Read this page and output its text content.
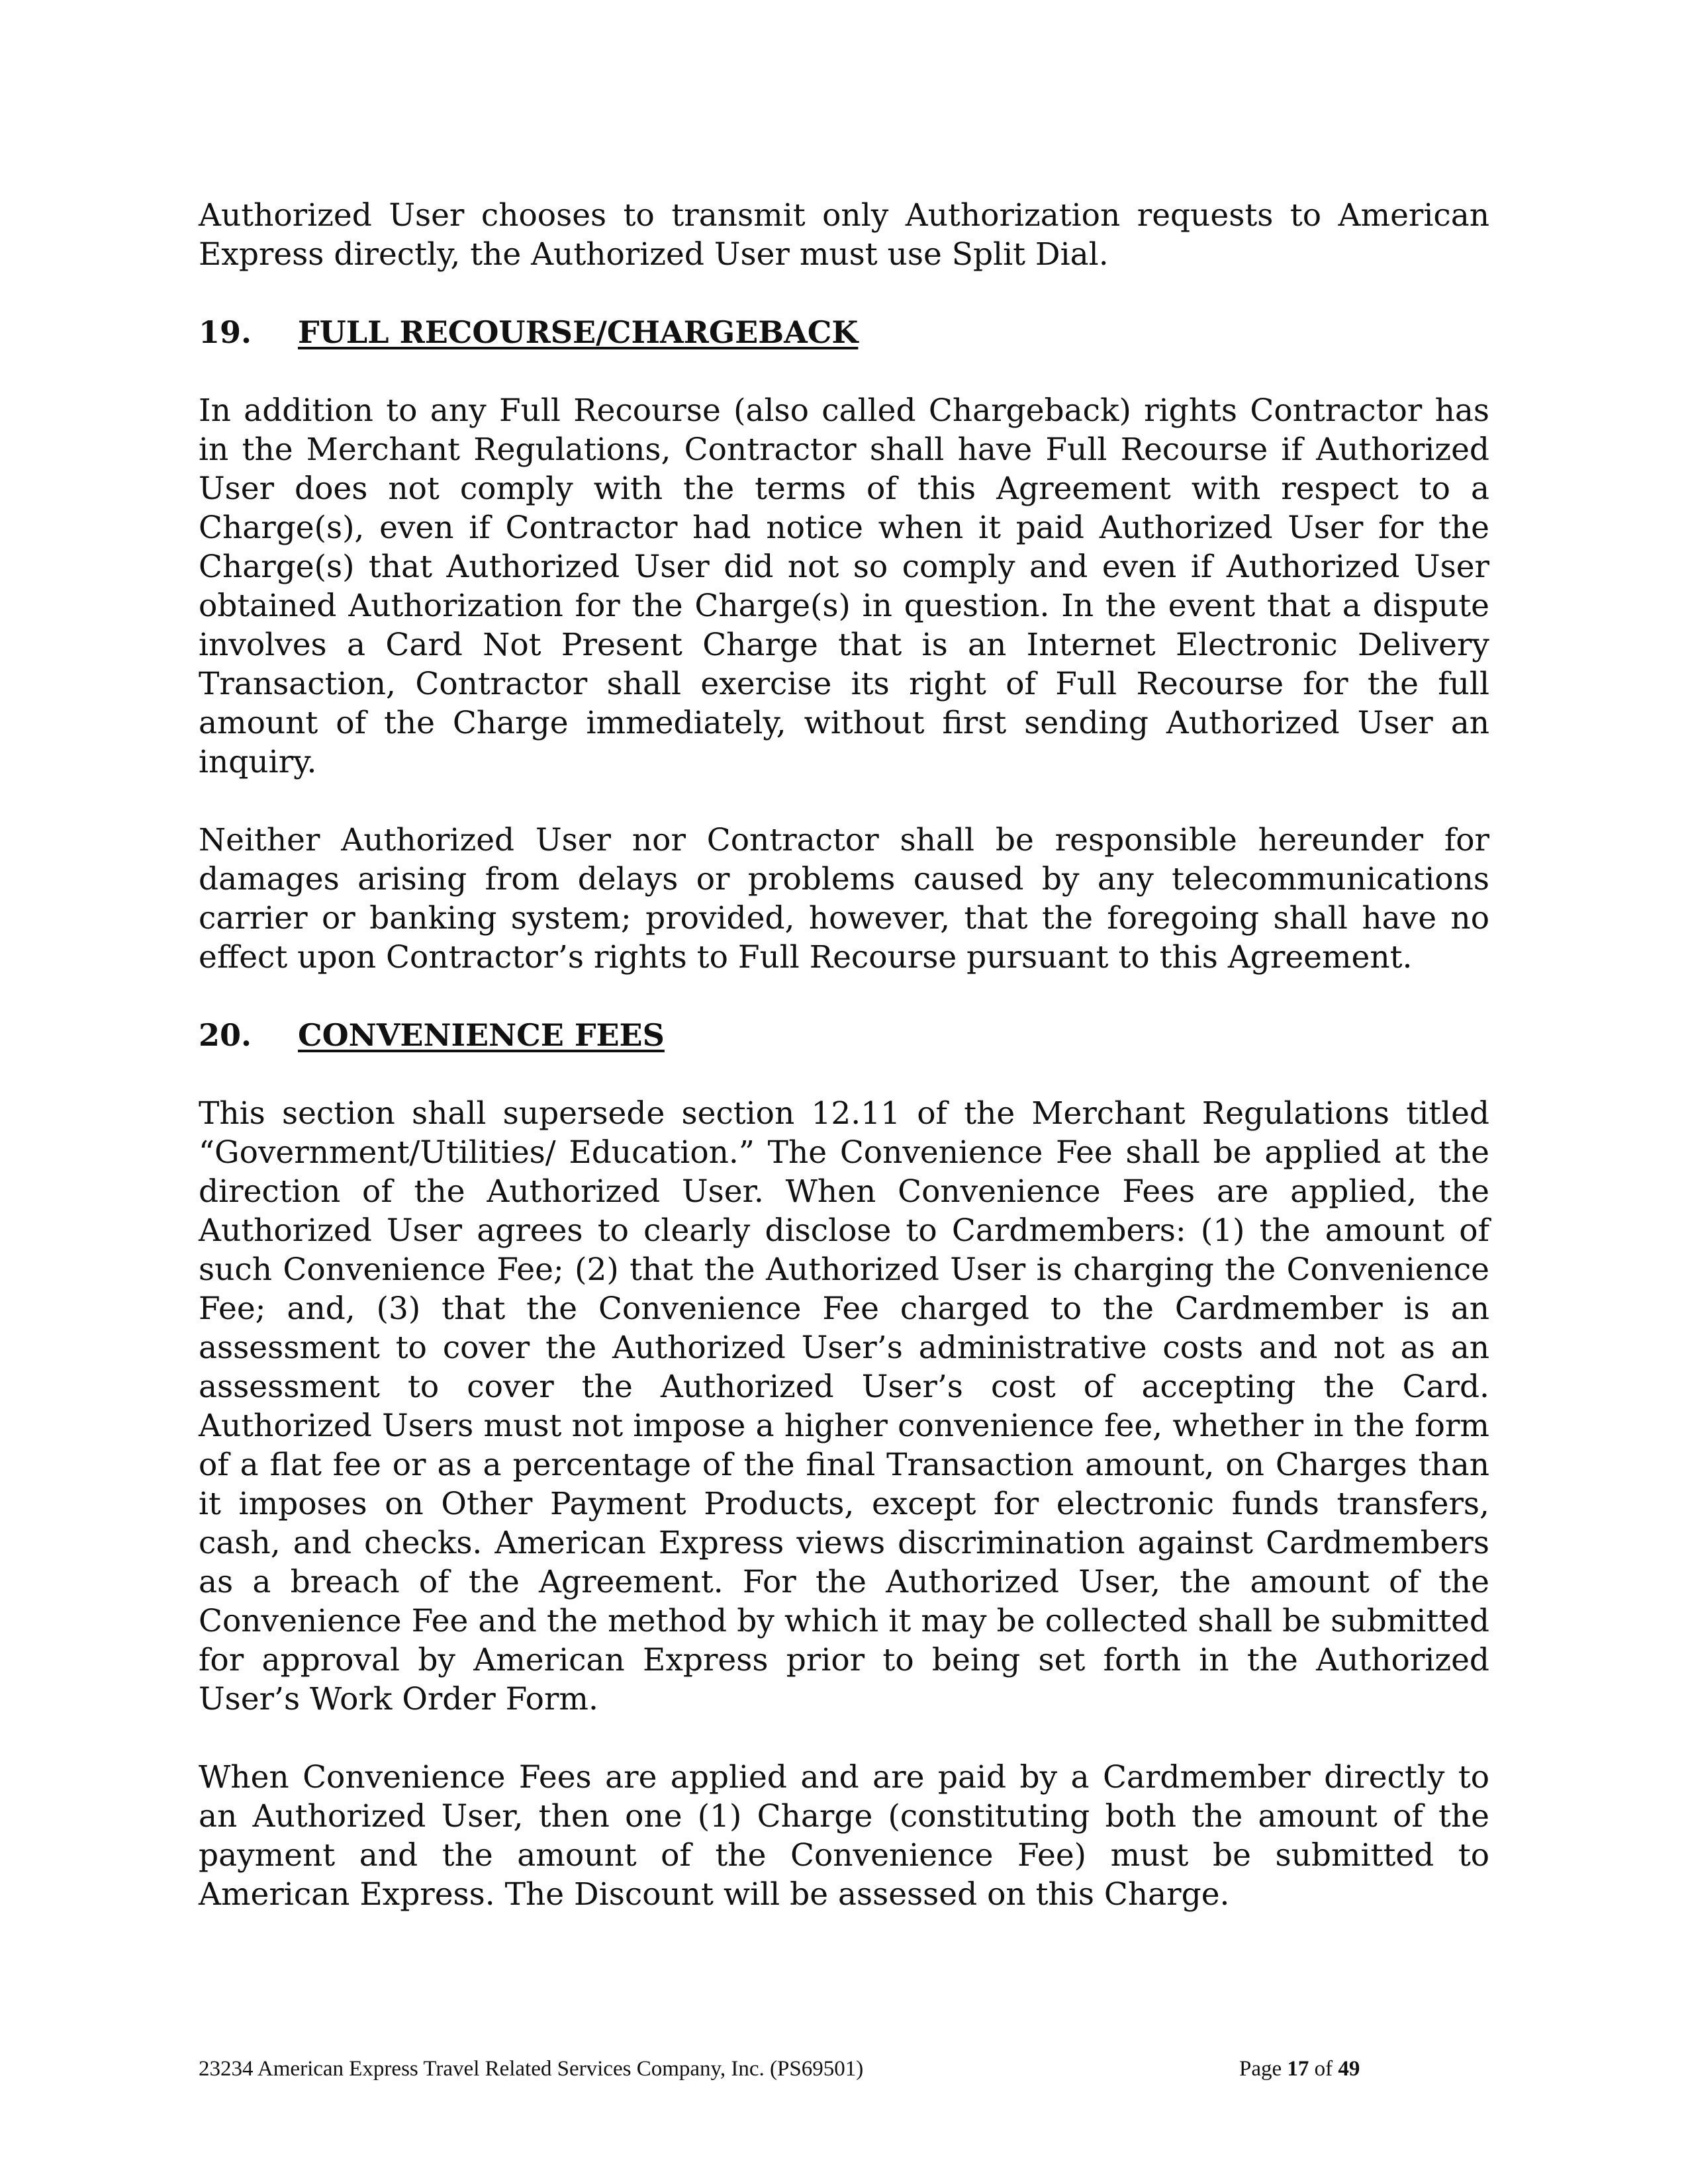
Authorized User chooses to transmit only Authorization requests to American Express directly, the Authorized User must use Split Dial.

19.	FULL RECOURSE/CHARGEBACK

In addition to any Full Recourse (also called Chargeback) rights Contractor has in the Merchant Regulations, Contractor shall have Full Recourse if Authorized User does not comply with the terms of this Agreement with respect to a Charge(s), even if Contractor had notice when it paid Authorized User for the Charge(s) that Authorized User did not so comply and even if Authorized User obtained Authorization for the Charge(s) in question. In the event that a dispute involves a Card Not Present Charge that is an Internet Electronic Delivery Transaction, Contractor shall exercise its right of Full Recourse for the full amount of the Charge immediately, without first sending Authorized User an inquiry.

Neither Authorized User nor Contractor shall be responsible hereunder for damages arising from delays or problems caused by any telecommunications carrier or banking system; provided, however, that the foregoing shall have no effect upon Contractor’s rights to Full Recourse pursuant to this Agreement.

20.	CONVENIENCE FEES

This section shall supersede section 12.11 of the Merchant Regulations titled “Government/Utilities/ Education.” The Convenience Fee shall be applied at the direction of the Authorized User. When Convenience Fees are applied, the Authorized User agrees to clearly disclose to Cardmembers: (1) the amount of such Convenience Fee; (2) that the Authorized User is charging the Convenience Fee; and, (3) that the Convenience Fee charged to the Cardmember is an assessment to cover the Authorized User’s administrative costs and not as an assessment to cover the Authorized User’s cost of accepting the Card. Authorized Users must not impose a higher convenience fee, whether in the form of a flat fee or as a percentage of the final Transaction amount, on Charges than it imposes on Other Payment Products, except for electronic funds transfers, cash, and checks. American Express views discrimination against Cardmembers as a breach of the Agreement. For the Authorized User, the amount of the Convenience Fee and the method by which it may be collected shall be submitted for approval by American Express prior to being set forth in the Authorized User’s Work Order Form.

When Convenience Fees are applied and are paid by a Cardmember directly to an Authorized User, then one (1) Charge (constituting both the amount of the payment and the amount of the Convenience Fee) must be submitted to American Express. The Discount will be assessed on this Charge.

23234 American Express Travel Related Services Company, Inc. (PS69501)	Page 17 of 49
